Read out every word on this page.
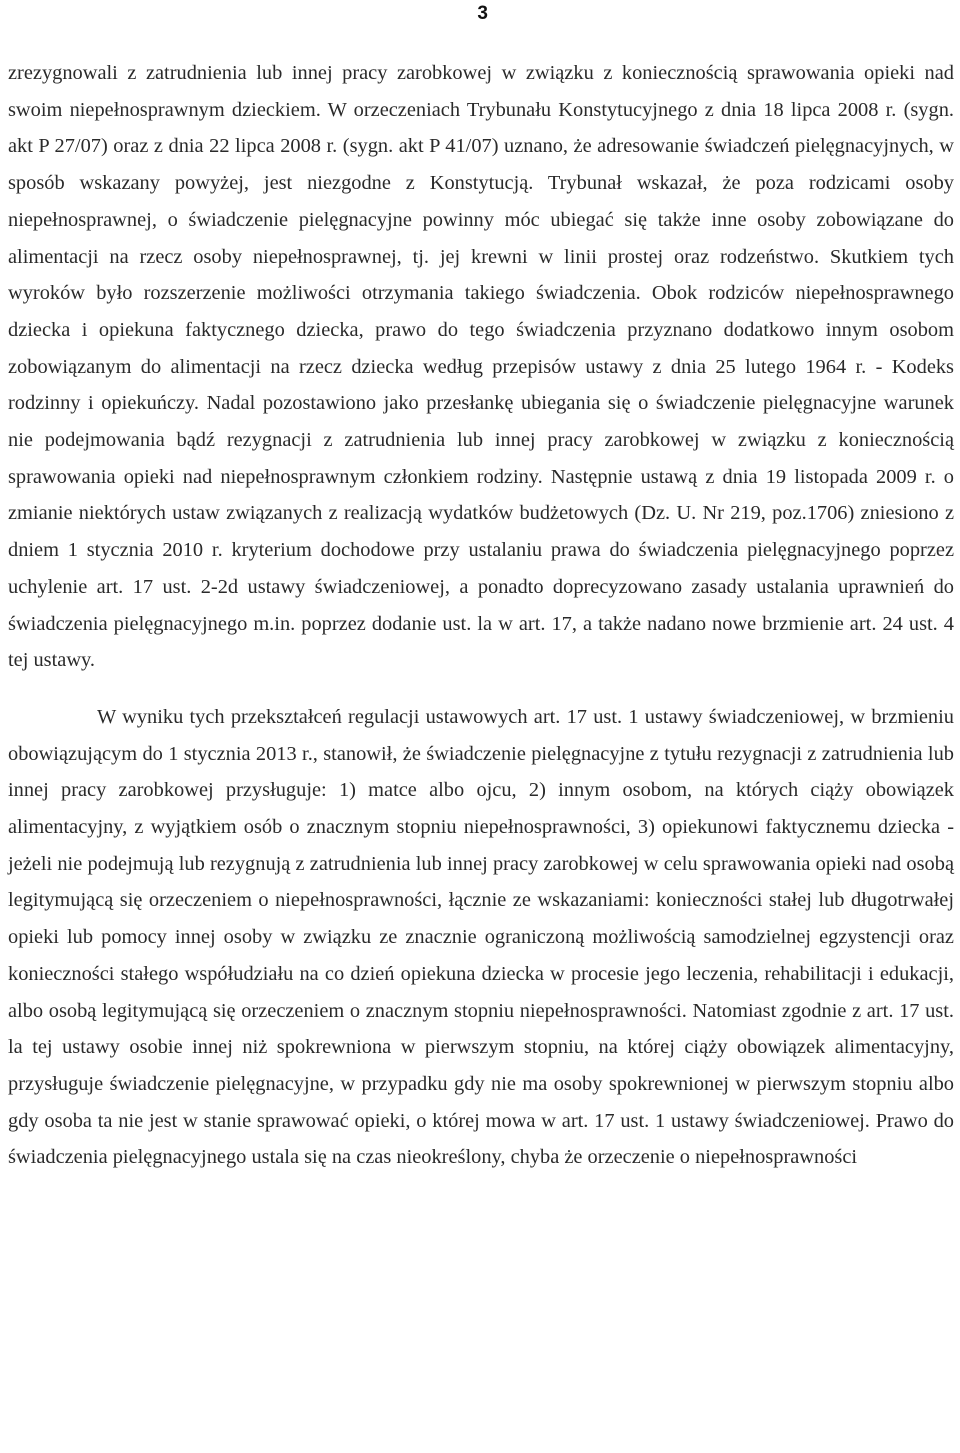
3

zrezygnowali z zatrudnienia lub innej pracy zarobkowej w związku z koniecznością sprawowania opieki nad swoim niepełnosprawnym dzieckiem. W orzeczeniach Trybunału Konstytucyjnego z dnia 18 lipca 2008 r. (sygn. akt P 27/07) oraz z dnia 22 lipca 2008 r. (sygn. akt P 41/07) uznano, że adresowanie świadczeń pielęgnacyjnych, w sposób wskazany powyżej, jest niezgodne z Konstytucją. Trybunał wskazał, że poza rodzicami osoby niepełnosprawnej, o świadczenie pielęgnacyjne powinny móc ubiegać się także inne osoby zobowiązane do alimentacji na rzecz osoby niepełnosprawnej, tj. jej krewni w linii prostej oraz rodzeństwo. Skutkiem tych wyroków było rozszerzenie możliwości otrzymania takiego świadczenia. Obok rodziców niepełnosprawnego dziecka i opiekuna faktycznego dziecka, prawo do tego świadczenia przyznano dodatkowo innym osobom zobowiązanym do alimentacji na rzecz dziecka według przepisów ustawy z dnia 25 lutego 1964 r. - Kodeks rodzinny i opiekuńczy. Nadal pozostawiono jako przesłankę ubiegania się o świadczenie pielęgnacyjne warunek nie podejmowania bądź rezygnacji z zatrudnienia lub innej pracy zarobkowej w związku z koniecznością sprawowania opieki nad niepełnosprawnym członkiem rodziny. Następnie ustawą z dnia 19 listopada 2009 r. o zmianie niektórych ustaw związanych z realizacją wydatków budżetowych (Dz. U. Nr 219, poz.1706) zniesiono z dniem 1 stycznia 2010 r. kryterium dochodowe przy ustalaniu prawa do świadczenia pielęgnacyjnego poprzez uchylenie art. 17 ust. 2-2d ustawy świadczeniowej, a ponadto doprecyzowano zasady ustalania uprawnień do świadczenia pielęgnacyjnego m.in. poprzez dodanie ust. la w art. 17, a także nadano nowe brzmienie art. 24 ust. 4 tej ustawy.

W wyniku tych przekształceń regulacji ustawowych art. 17 ust. 1 ustawy świadczeniowej, w brzmieniu obowiązującym do 1 stycznia 2013 r., stanowił, że świadczenie pielęgnacyjne z tytułu rezygnacji z zatrudnienia lub innej pracy zarobkowej przysługuje: 1) matce albo ojcu, 2) innym osobom, na których ciąży obowiązek alimentacyjny, z wyjątkiem osób o znacznym stopniu niepełnosprawności, 3) opiekunowi faktycznemu dziecka - jeżeli nie podejmują lub rezygnują z zatrudnienia lub innej pracy zarobkowej w celu sprawowania opieki nad osobą legitymującą się orzeczeniem o niepełnosprawności, łącznie ze wskazaniami: konieczności stałej lub długotrwałej opieki lub pomocy innej osoby w związku ze znacznie ograniczoną możliwością samodzielnej egzystencji oraz konieczności stałego współudziału na co dzień opiekuna dziecka w procesie jego leczenia, rehabilitacji i edukacji, albo osobą legitymującą się orzeczeniem o znacznym stopniu niepełnosprawności. Natomiast zgodnie z art. 17 ust. la tej ustawy osobie innej niż spokrewniona w pierwszym stopniu, na której ciąży obowiązek alimentacyjny, przysługuje świadczenie pielęgnacyjne, w przypadku gdy nie ma osoby spokrewnionej w pierwszym stopniu albo gdy osoba ta nie jest w stanie sprawować opieki, o której mowa w art. 17 ust. 1 ustawy świadczeniowej. Prawo do świadczenia pielęgnacyjnego ustala się na czas nieokreślony, chyba że orzeczenie o niepełnosprawności
